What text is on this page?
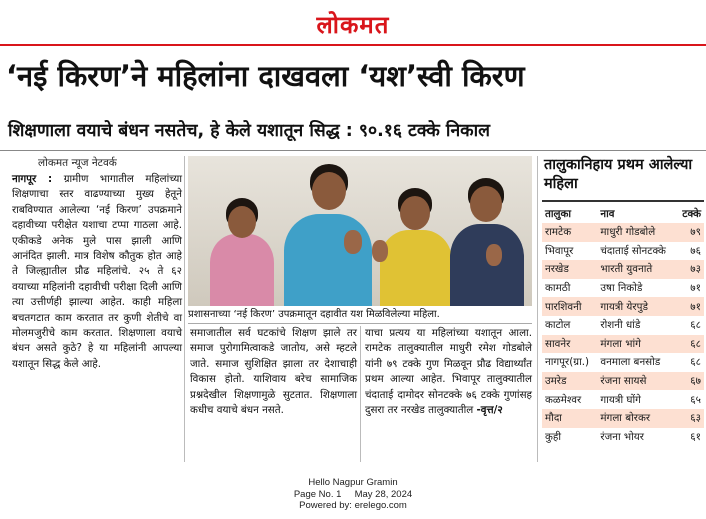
लोकमत
‘नई किरण’ने महिलांना दाखवला ‘यश’स्वी किरण
शिक्षणाला वयाचे बंधन नसतेच, हे केले यशातून सिद्ध : ९०.१६ टक्के निकाल
लोकमत न्यूज नेटवर्क
नागपूर : ग्रामीण भागातील महिलांच्या शिक्षणाचा स्तर वाढण्याच्या मुख्य हेतूने राबविण्यात आलेल्या ‘नई किरण’ उपक्रमाने दहावीच्या परीक्षेत यशाचा टप्पा गाठला आहे. एकीकडे अनेक मुले पास झाली आणि आनंदित झाली. मात्र विशेष कौतुक होत आहे ते जिल्ह्यातील प्रौढ महिलांचे. २५ ते ६२ वयाच्या महिलांनी दहावीची परीक्षा दिली आणि त्या उत्तीर्णही झाल्या आहेत. काही महिला बचतगटात काम करतात तर कुणी शेतीचे वा मोलमजुरीचे काम करतात. शिक्षणाला वयाचे बंधन असते कुठे? हे या महिलांनी आपल्या यशातून सिद्ध केले आहे.
प्रशासनाच्या ‘नई किरण’ उपक्रमातून दहावीत यश मिळविलेल्या महिला.
समाजातील सर्व घटकांचे शिक्षण झाले तर समाज पुरोगामित्वाकडे जातोय, असे म्हटले जाते. समाज सुशिक्षित झाला तर देशाचाही विकास होतो. याशिवाय बरेच सामाजिक प्रश्नदेखील शिक्षणामुळे सुटतात. शिक्षणाला कधीच वयाचे बंधन नसते.
याचा प्रत्यय या महिलांच्या यशातून आला. रामटेक तालुक्यातील माधुरी रमेश गोडबोले यांनी ७९ टक्के गुण मिळवून प्रौढ विद्यार्थ्यांत प्रथम आल्या आहेत. भिवापूर तालुक्यातील चंदाताई दामोदर सोनटक्के ७६ टक्के गुणांसह दुसरा तर नरखेड तालुक्यातील -वृत्त/२
तालुकानिहाय प्रथम आलेल्या महिला
तालुका	नाव	टक्के
रामटेक	माधुरी गोडबोले	७९
भिवापूर	चंदाताई सोनटक्के	७६
नरखेड	भारती युवनाते	७३
कामठी	उषा निकोडे	७१
पारशिवनी	गायत्री येरपुडे	७१
काटोल	रोशनी धांडे	६८
सावनेर	मंगला भांगे	६८
नागपूर(ग्रा.)	वनमाला बनसोड	६८
उमरेड	रंजना सायसे	६७
कळमेश्वर	गायत्री घोंगे	६५
मौदा	मंगला बोरकर	६३
कुही	रंजना भोयर	६१
Hello Nagpur Gramin
Page No. 1     May 28, 2024
Powered by: erelego.com
